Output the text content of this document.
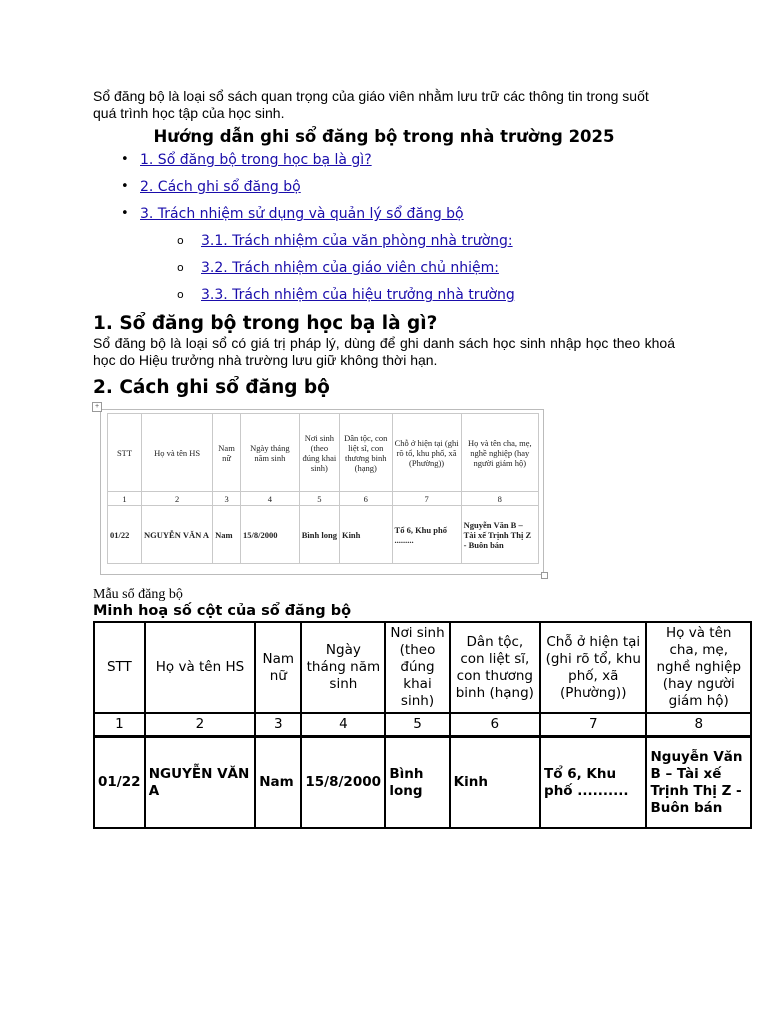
Sổ đăng bộ là loại sổ sách quan trọng của giáo viên nhằm lưu trữ các thông tin trong suốt quá trình học tập của học sinh.

Hướng dẫn ghi sổ đăng bộ trong nhà trường 2025
• 1. Sổ đăng bộ trong học bạ là gì?
• 2. Cách ghi sổ đăng bộ
• 3. Trách nhiệm sử dụng và quản lý sổ đăng bộ
o 3.1. Trách nhiệm của văn phòng nhà trường:
o 3.2. Trách nhiệm của giáo viên chủ nhiệm:
o 3.3. Trách nhiệm của hiệu trưởng nhà trường
1. Sổ đăng bộ trong học bạ là gì?

Sổ đăng bộ là loại sổ có giá trị pháp lý, dùng để ghi danh sách học sinh nhập học theo khoá học do Hiệu trưởng nhà trường lưu giữ không thời hạn.

2. Cách ghi sổ đăng bộ
+
STT	Họ và tên HS	Nam nữ	Ngày tháng năm sinh	Nơi sinh (theo đúng khai sinh)	Dân tộc, con liệt sĩ, con thương binh (hạng)	Chỗ ở hiện tại (ghi rõ tổ, khu phố, xã (Phường))	Họ và tên cha, mẹ, nghề nghiệp (hay người giám hộ)
1	2	3	4	5	6	7	8
01/22	NGUYỄN VĂN A	Nam	15/8/2000	Bình long	Kinh	Tổ 6, Khu phố .........	Nguyễn Văn B – Tài xế Trịnh Thị Z - Buôn bán
Mẫu sổ đăng bộ
Minh hoạ số cột của sổ đăng bộ
STT	Họ và tên HS	Nam nữ	Ngày tháng năm sinh	Nơi sinh (theo đúng khai sinh)	Dân tộc, con liệt sĩ, con thương binh (hạng)	Chỗ ở hiện tại (ghi rõ tổ, khu phố, xã (Phường))	Họ và tên cha, mẹ, nghề nghiệp (hay người giám hộ)
1	2	3	4	5	6	7	8
01/22	NGUYỄN VĂN A	Nam	15/8/2000	Bình long	Kinh	Tổ 6, Khu phố ..........	Nguyễn Văn B – Tài xế
Trịnh Thị Z - Buôn bán
